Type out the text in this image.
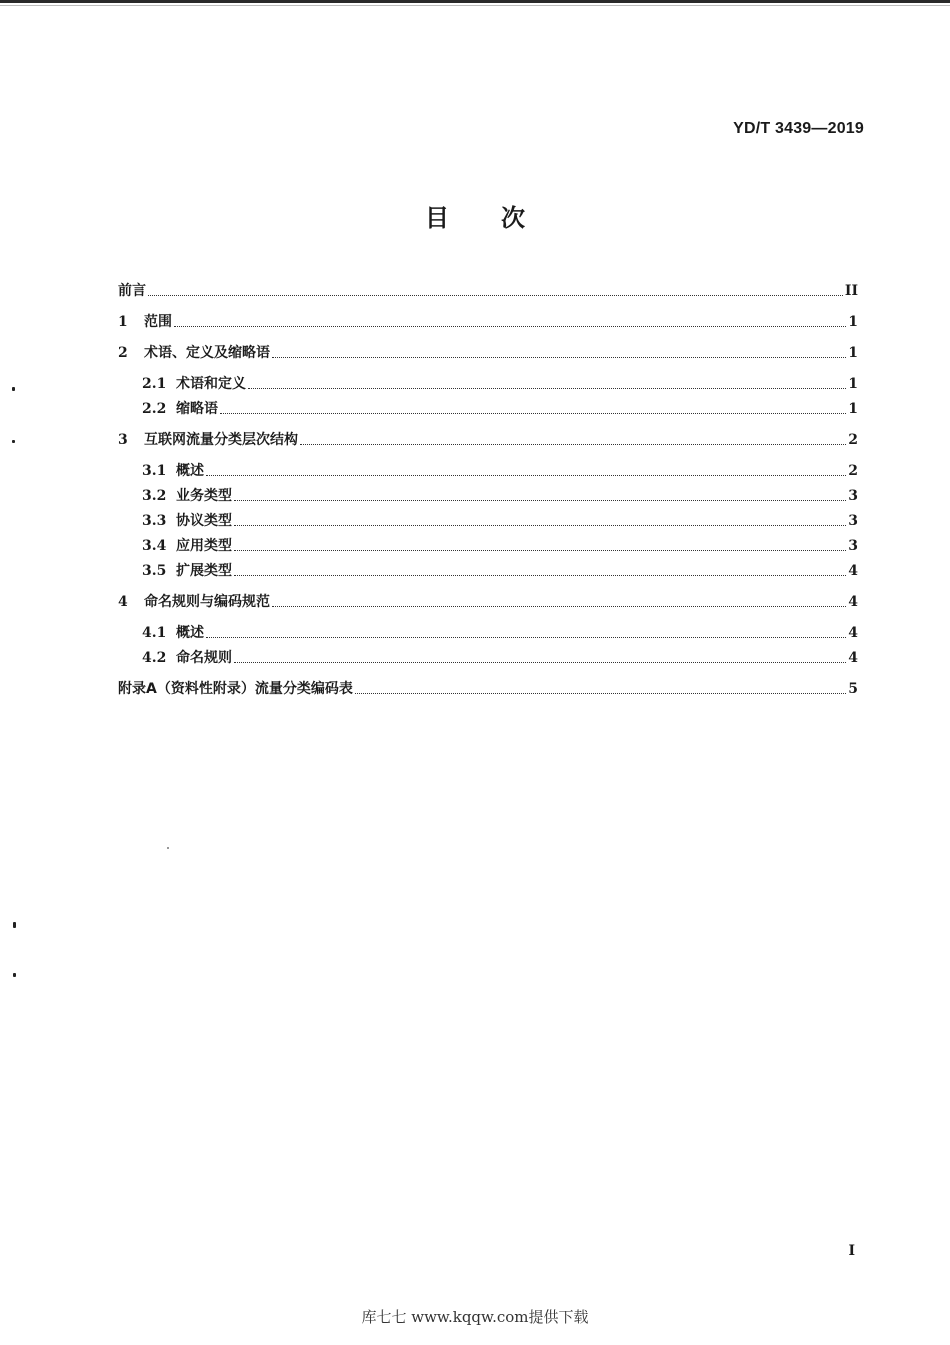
YD/T 3439—2019
目次
前言	II
1	范围	1
2	术语、定义及缩略语	1
2.1 术语和定义	1
2.2 缩略语	1
3	互联网流量分类层次结构	2
3.1 概述	2
3.2 业务类型	3
3.3 协议类型	3
3.4 应用类型	3
3.5 扩展类型	4
4	命名规则与编码规范	4
4.1 概述	4
4.2 命名规则	4
附录A（资料性附录）流量分类编码表	5
I
库七七 www.kqqw.com提供下载
